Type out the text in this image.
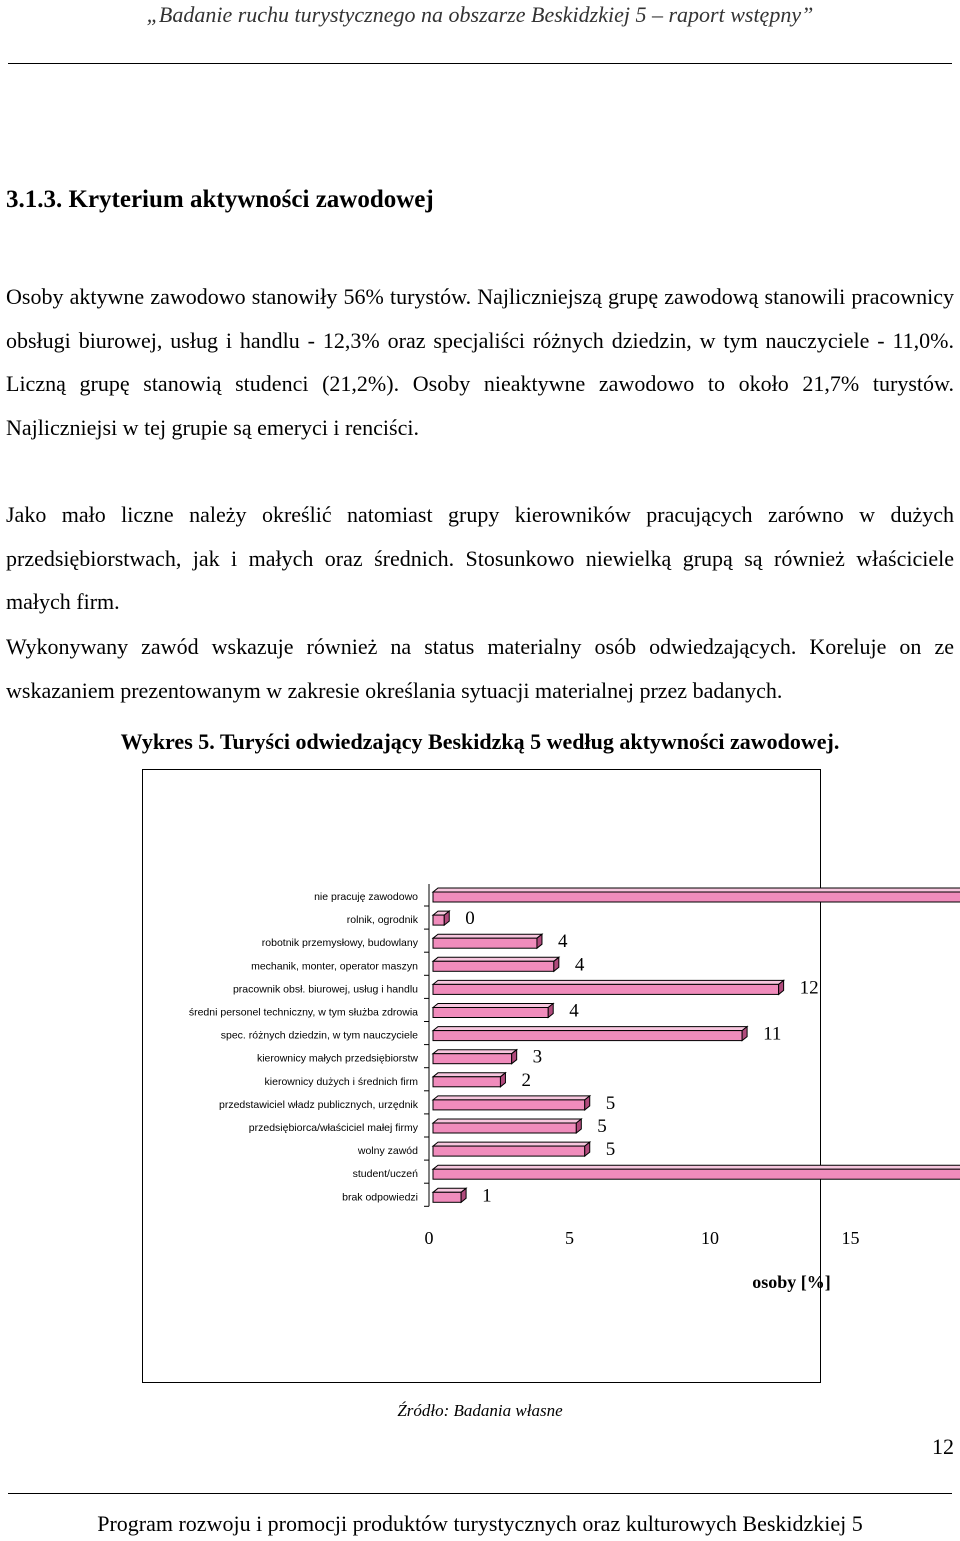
„Badanie ruchu turystycznego na obszarze Beskidzkiej 5 – raport wstępny”
3.1.3. Kryterium aktywności zawodowej

Osoby aktywne zawodowo stanowiły 56% turystów. Najliczniejszą grupę zawodową stanowili pracownicy obsługi biurowej, usług i handlu - 12,3% oraz specjaliści różnych dziedzin, w tym nauczyciele - 11,0%. Liczną grupę stanowią studenci (21,2%). Osoby nieaktywne zawodowo to około 21,7% turystów. Najliczniejsi w tej grupie są emeryci i renciści.

Jako mało liczne należy określić natomiast grupy kierowników pracujących zarówno w dużych przedsiębiorstwach, jak i małych oraz średnich. Stosunkowo niewielką grupą są również właściciele małych firm.

Wykonywany zawód wskazuje również na status materialny osób odwiedzających. Koreluje on ze wskazaniem prezentowanym w zakresie określania sytuacji materialnej przez badanych.

Wykres 5. Turyści odwiedzający Beskidzką 5 według aktywności zawodowej.
nie pracuję zawodowo
rolnik, ogrodnik 0
robotnik przemysłowy, budowlany	4
mechanik, monter, operator maszyn	4
pracownik obsł. biurowej, usług i handlu	12
średni personel techniczny, w tym służba zdrowia	4
spec. różnych dziedzin, w tym nauczyciele	11
kierownicy małych przedsiębiorstw	3
kierownicy dużych i średnich firm	2
przedstawiciel władz publicznych, urzędnik	5
przedsiębiorca/właściciel małej firmy	5
wolny zawód	5
student/uczeń
brak odpowiedzi	1
0	5	10	15
osoby [%]
Źródło: Badania własne
12
Program rozwoju i promocji produktów turystycznych oraz kulturowych Beskidzkiej 5
